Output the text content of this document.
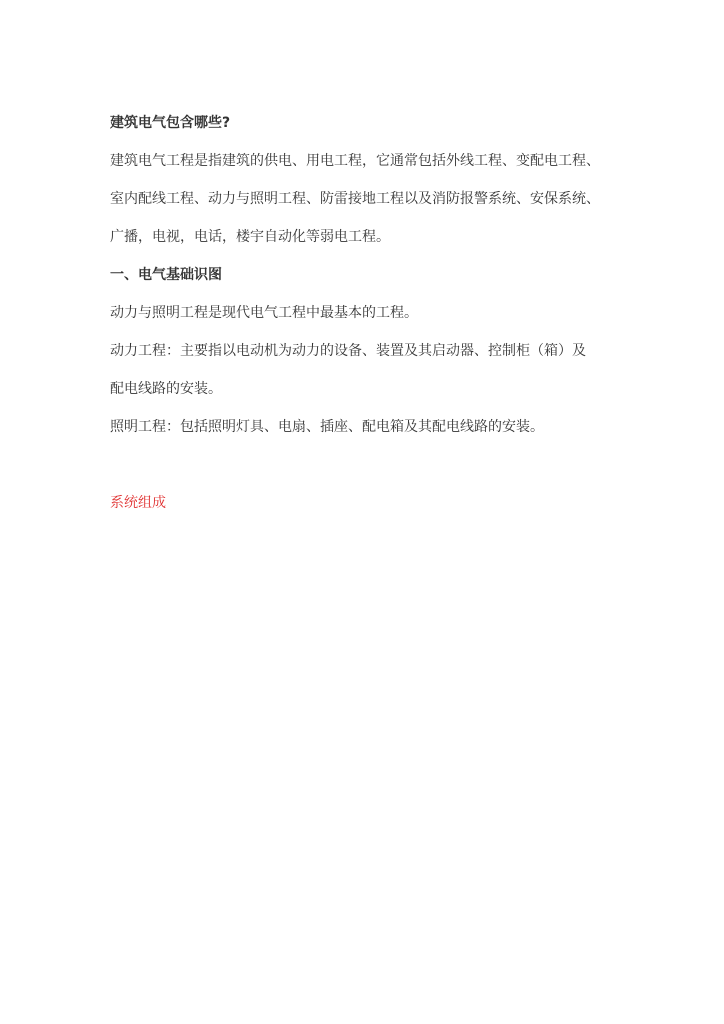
建筑电气包含哪些?
建筑电气工程是指建筑的供电、用电工程，它通常包括外线工程、变配电工程、
室内配线工程、动力与照明工程、防雷接地工程以及消防报警系统、安保系统、
广播，电视，电话，楼宇自动化等弱电工程。
一、电气基础识图
动力与照明工程是现代电气工程中最基本的工程。
动力工程：主要指以电动机为动力的设备、装置及其启动器、控制柜（箱）及
配电线路的安装。
照明工程：包括照明灯具、电扇、插座、配电箱及其配电线路的安装。
系统组成
